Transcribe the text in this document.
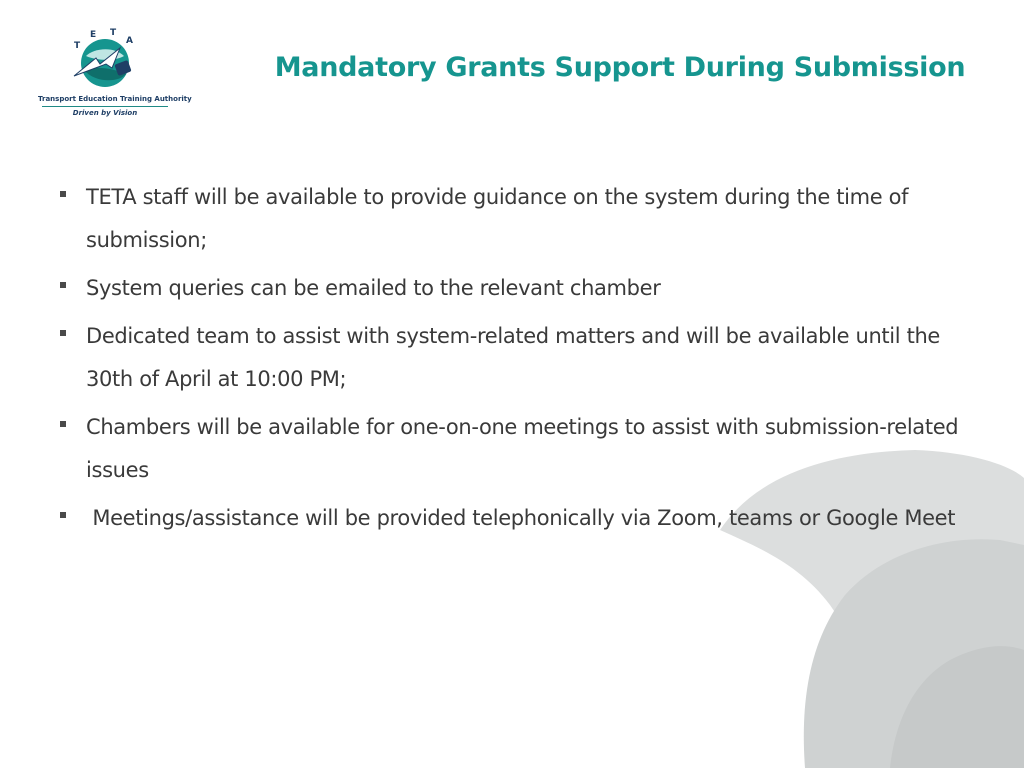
T
E T
A
Transport Education Training Authority
Driven by Vision
Mandatory Grants Support During Submission
TETA staff will be available to provide guidance on the system during the time of submission;
System queries can be emailed to the relevant chamber
Dedicated team to assist with system-related matters and will be available until the 30th of April at 10:00 PM;
Chambers will be available for one-on-one meetings to assist with submission-related issues
Meetings/assistance will be provided telephonically via Zoom, teams or Google Meet
